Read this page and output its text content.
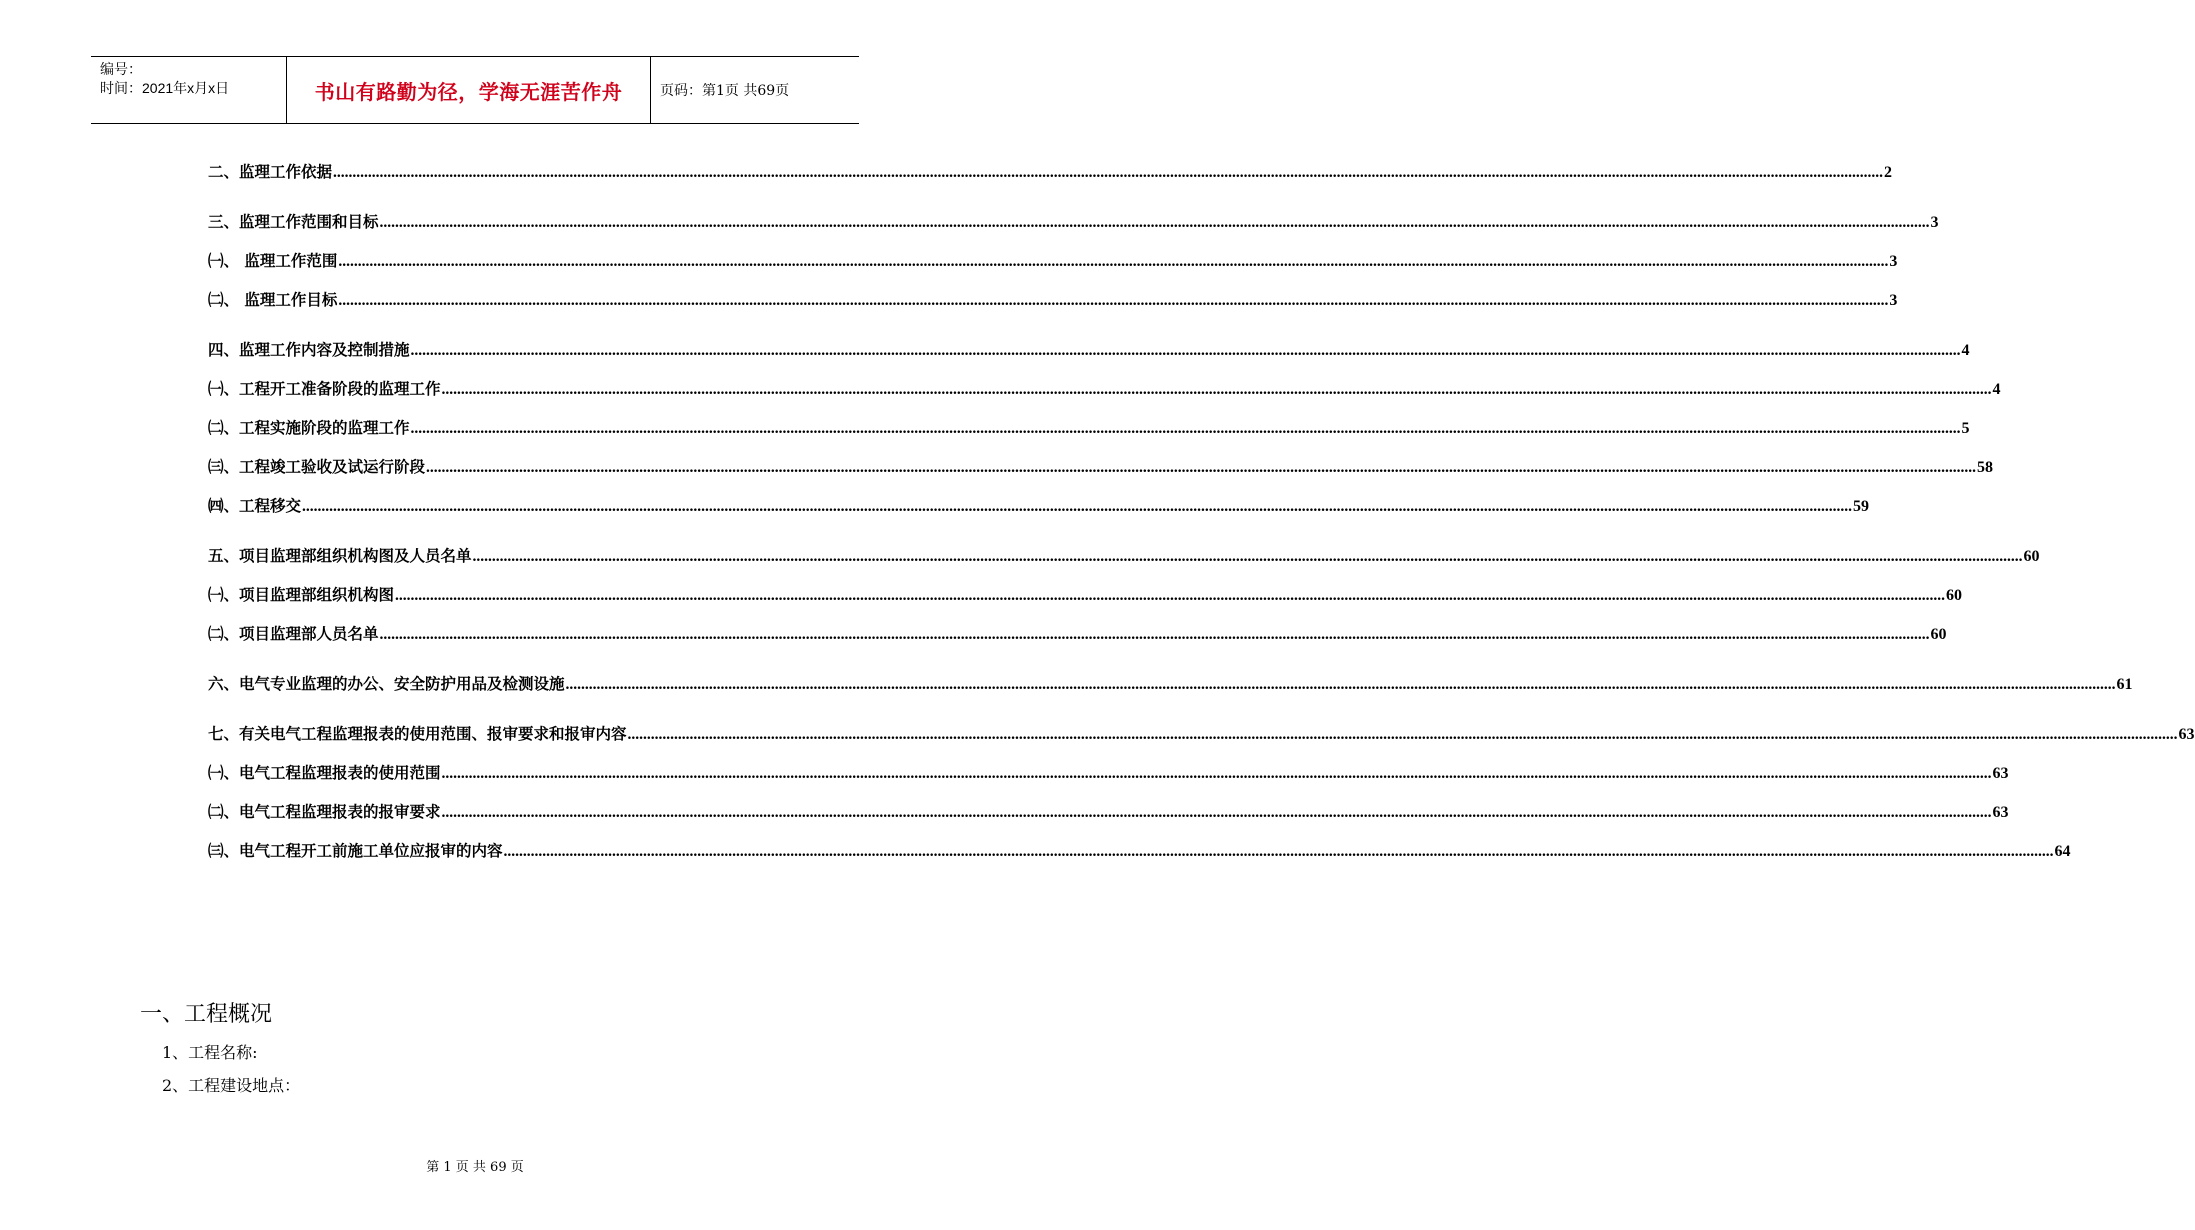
编号：
时间：2021年x月x日	书山有路勤为径，学海无涯苦作舟	页码：第1页 共69页
二、监理工作依据 ................................................................................................................................................................................................................................................................................................................................................................................................................ 2
三、监理工作范围和目标 ................................................................................................................................................................................................................................................................................................................................................................................................................ 3
㈠、 监理工作范围 ................................................................................................................................................................................................................................................................................................................................................................................................................ 3
㈡、 监理工作目标 ................................................................................................................................................................................................................................................................................................................................................................................................................ 3
四、监理工作内容及控制措施 ................................................................................................................................................................................................................................................................................................................................................................................................................ 4
㈠、工程开工准备阶段的监理工作 ................................................................................................................................................................................................................................................................................................................................................................................................................ 4
㈡、工程实施阶段的监理工作 ................................................................................................................................................................................................................................................................................................................................................................................................................ 5
㈢、工程竣工验收及试运行阶段 ................................................................................................................................................................................................................................................................................................................................................................................................................ 58
㈣、工程移交 ................................................................................................................................................................................................................................................................................................................................................................................................................ 59
五、项目监理部组织机构图及人员名单 ................................................................................................................................................................................................................................................................................................................................................................................................................ 60
㈠、项目监理部组织机构图 ................................................................................................................................................................................................................................................................................................................................................................................................................ 60
㈡、项目监理部人员名单 ................................................................................................................................................................................................................................................................................................................................................................................................................ 60
六、电气专业监理的办公、安全防护用品及检测设施 ................................................................................................................................................................................................................................................................................................................................................................................................................ 61
七、有关电气工程监理报表的使用范围、报审要求和报审内容 ................................................................................................................................................................................................................................................................................................................................................................................................................ 63
㈠、电气工程监理报表的使用范围 ................................................................................................................................................................................................................................................................................................................................................................................................................ 63
㈡、电气工程监理报表的报审要求 ................................................................................................................................................................................................................................................................................................................................................................................................................ 63
㈢、电气工程开工前施工单位应报审的内容 ................................................................................................................................................................................................................................................................................................................................................................................................................ 64
一、工程概况
1、工程名称:
2、工程建设地点：
第 1 页 共 69 页
